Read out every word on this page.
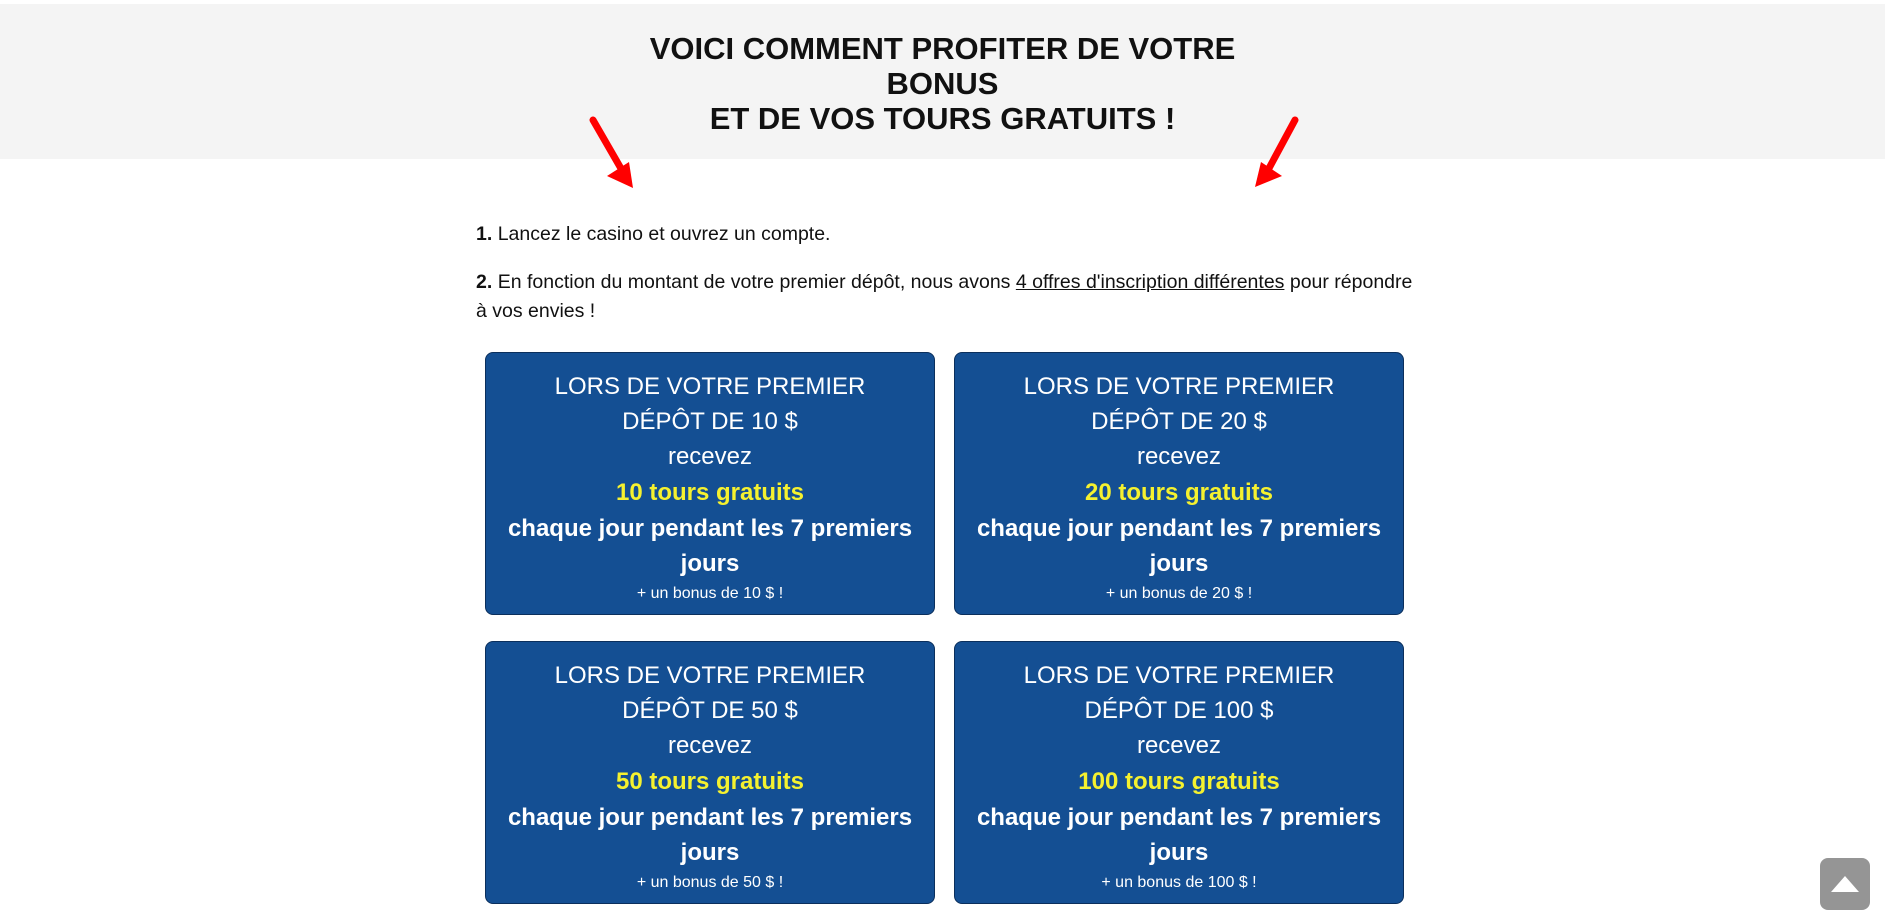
VOICI COMMENT PROFITER DE VOTRE
BONUS
ET DE VOS TOURS GRATUITS !

1. Lancez le casino et ouvrez un compte.

2. En fonction du montant de votre premier dépôt, nous avons 4 offres d'inscription différentes pour répondre à vos envies !

LORS DE VOTRE PREMIER
DÉPÔT DE 10 $
recevez
10 tours gratuits
chaque jour pendant les 7 premiers jours
+ un bonus de 10 $ !
LORS DE VOTRE PREMIER
DÉPÔT DE 20 $
recevez
20 tours gratuits
chaque jour pendant les 7 premiers jours
+ un bonus de 20 $ !
LORS DE VOTRE PREMIER
DÉPÔT DE 50 $
recevez
50 tours gratuits
chaque jour pendant les 7 premiers jours
+ un bonus de 50 $ !
LORS DE VOTRE PREMIER
DÉPÔT DE 100 $
recevez
100 tours gratuits
chaque jour pendant les 7 premiers jours
+ un bonus de 100 $ !
